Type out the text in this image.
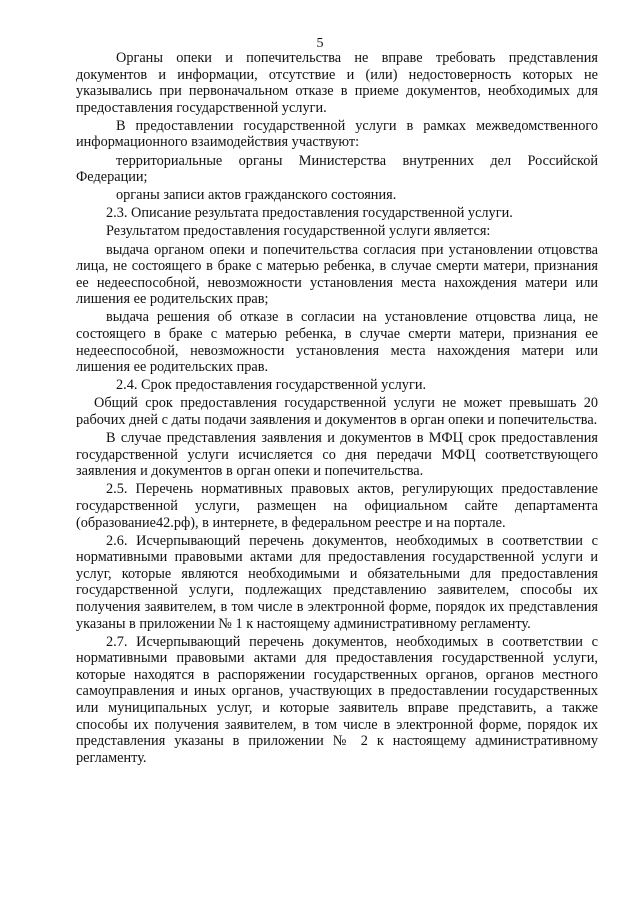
5

Органы опеки и попечительства не вправе требовать представления документов и информации, отсутствие и (или) недостоверность которых не указывались при первоначальном отказе в приеме документов, необходимых для предоставления государственной услуги.

В предоставлении государственной услуги в рамках межведомственного информационного взаимодействия участвуют:

территориальные органы Министерства внутренних дел Российской Федерации;

органы записи актов гражданского состояния.

2.3. Описание результата предоставления государственной услуги.

Результатом предоставления государственной услуги является:

выдача органом опеки и попечительства согласия при установлении отцовства лица, не состоящего в браке с матерью ребенка, в случае смерти матери, признания ее недееспособной, невозможности установления места нахождения матери или лишения ее родительских прав;

выдача решения об отказе в согласии на установление отцовства лица, не состоящего в браке с матерью ребенка, в случае смерти матери, признания ее недееспособной, невозможности установления места нахождения матери или лишения ее родительских прав.

2.4. Срок предоставления государственной услуги.

Общий срок предоставления государственной услуги не может превышать 20 рабочих дней с даты подачи заявления и документов в орган опеки и попечительства.

В случае представления заявления и документов в МФЦ срок предоставления государственной услуги исчисляется со дня передачи МФЦ соответствующего заявления и документов в орган опеки и попечительства.

2.5. Перечень нормативных правовых актов, регулирующих предоставление государственной услуги, размещен на официальном сайте департамента (образование42.рф), в интернете, в федеральном реестре и на портале.

2.6. Исчерпывающий перечень документов, необходимых в соответствии с нормативными правовыми актами для предоставления государственной услуги и услуг, которые являются необходимыми и обязательными для предоставления государственной услуги, подлежащих представлению заявителем, способы их получения заявителем, в том числе в электронной форме, порядок их представления указаны в приложении № 1 к настоящему административному регламенту.

2.7. Исчерпывающий перечень документов, необходимых в соответствии с нормативными правовыми актами для предоставления государственной услуги, которые находятся в распоряжении государственных органов, органов местного самоуправления и иных органов, участвующих в предоставлении государственных или муниципальных услуг, и которые заявитель вправе представить, а также способы их получения заявителем, в том числе в электронной форме, порядок их представления указаны в приложении № 2 к настоящему административному регламенту.
